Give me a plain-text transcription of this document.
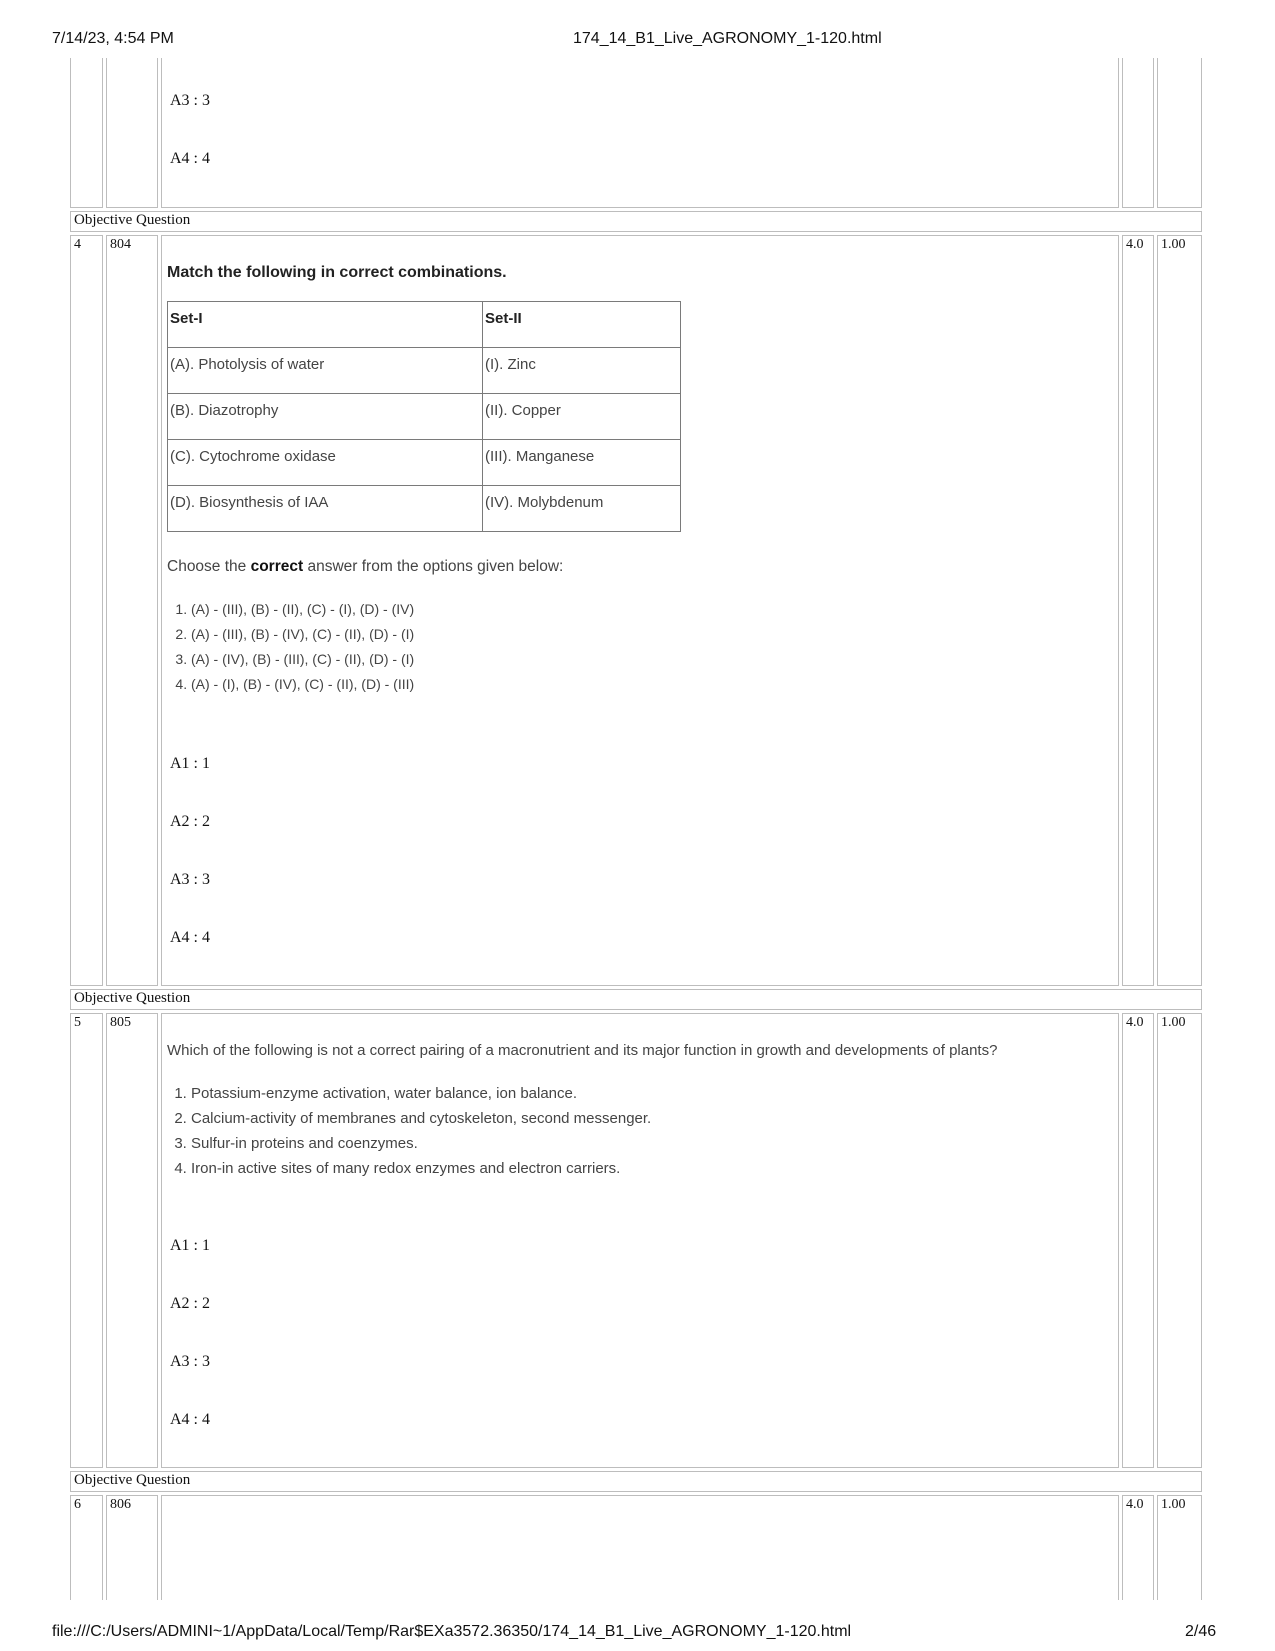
7/14/23, 4:54 PM	174_14_B1_Live_AGRONOMY_1-120.html
A3 : 3
A4 : 4
Objective Question
4 804	4.0 1.00
Match the following in correct combinations.
Set-I	Set-II
(A). Photolysis of water	(I). Zinc
(B). Diazotrophy	(II). Copper
(C). Cytochrome oxidase	(III). Manganese
(D). Biosynthesis of IAA	(IV). Molybdenum
Choose the correct answer from the options given below:
1. (A) - (III), (B) - (II), (C) - (I), (D) - (IV)
2. (A) - (III), (B) - (IV), (C) - (II), (D) - (I)
3. (A) - (IV), (B) - (III), (C) - (II), (D) - (I)
4. (A) - (I), (B) - (IV), (C) - (II), (D) - (III)
A1 : 1
A2 : 2
A3 : 3
A4 : 4
Objective Question
5 805	4.0 1.00
Which of the following is not a correct pairing of a macronutrient and its major function in growth and developments of plants?
1. Potassium-enzyme activation, water balance, ion balance.
2. Calcium-activity of membranes and cytoskeleton, second messenger.
3. Sulfur-in proteins and coenzymes.
4. Iron-in active sites of many redox enzymes and electron carriers.
A1 : 1
A2 : 2
A3 : 3
A4 : 4
Objective Question
6 806	4.0 1.00
file:///C:/Users/ADMINI~1/AppData/Local/Temp/Rar$EXa3572.36350/174_14_B1_Live_AGRONOMY_1-120.html	2/46
